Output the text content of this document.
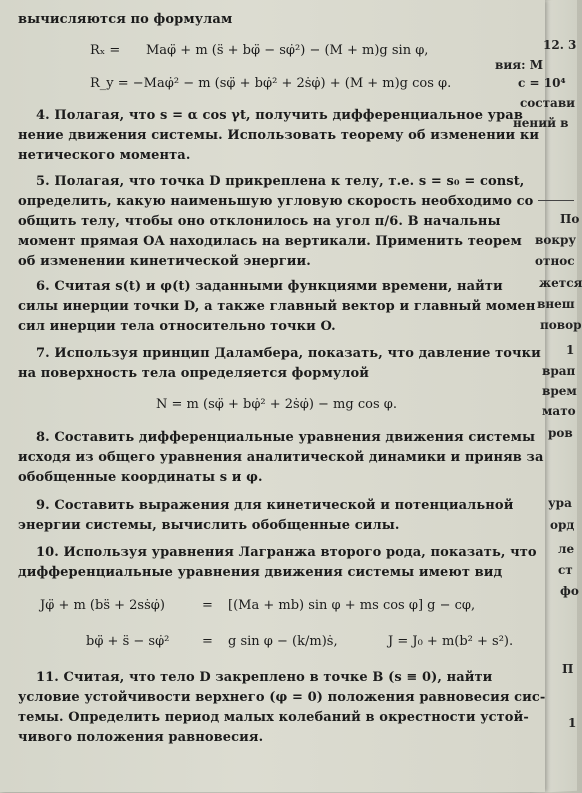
вычисляются по формулам
Rₓ = Maφ̈ + m (s̈ + bφ̈ − sφ̇²) − (M + m)g sin φ,
R_y = −Maφ̇² − m (sφ̈ + bφ̇² + 2ṡφ̇) + (M + m)g cos φ.
4. Полагая, что s = α cos γt, получить дифференциальное урав
нение движения системы. Использовать теорему об изменении ки
нетического момента.
5. Полагая, что точка D прикреплена к телу, т.е. s = s₀ = const,
определить, какую наименьшую угловую скорость необходимо со
общить телу, чтобы оно отклонилось на угол π/6. В начальны
момент прямая OA находилась на вертикали. Применить теорем
об изменении кинетической энергии.
6. Считая s(t) и φ(t) заданными функциями времени, найти
силы инерции точки D, а также главный вектор и главный момен
сил инерции тела относительно точки O.
7. Используя принцип Даламбера, показать, что давление точки
на поверхность тела определяется формулой
N = m (sφ̈ + bφ̇² + 2ṡφ̇) − mg cos φ.
8. Составить дифференциальные уравнения движения системы
исходя из общего уравнения аналитической динамики и приняв за
обобщенные координаты s и φ.
9. Составить выражения для кинетической и потенциальной
энергии системы, вычислить обобщенные силы.
10. Используя уравнения Лагранжа второго рода, показать, что
дифференциальные уравнения движения системы имеют вид
Jφ̈ + m (bs̈ + 2sṡφ̇)	= [(Ma + mb) sin φ + ms cos φ] g − cφ,
bφ̈ + s̈ − sφ̇²	= g sin φ − (k/m)ṡ,	J = J₀ + m(b² + s²).
11. Считая, что тело D закреплено в точке B (s ≡ 0), найти
условие устойчивости верхнего (φ = 0) положения равновесия сис-
темы. Определить период малых колебаний в окрестности устой-
чивого положения равновесия.
12. 3
вия: M
c = 10⁴
состави
нений в
По
вокру
относ
жется
внеш
повор
1
врап
врем
мато
ров
ура
орд
ле
ст
фо
П
1
